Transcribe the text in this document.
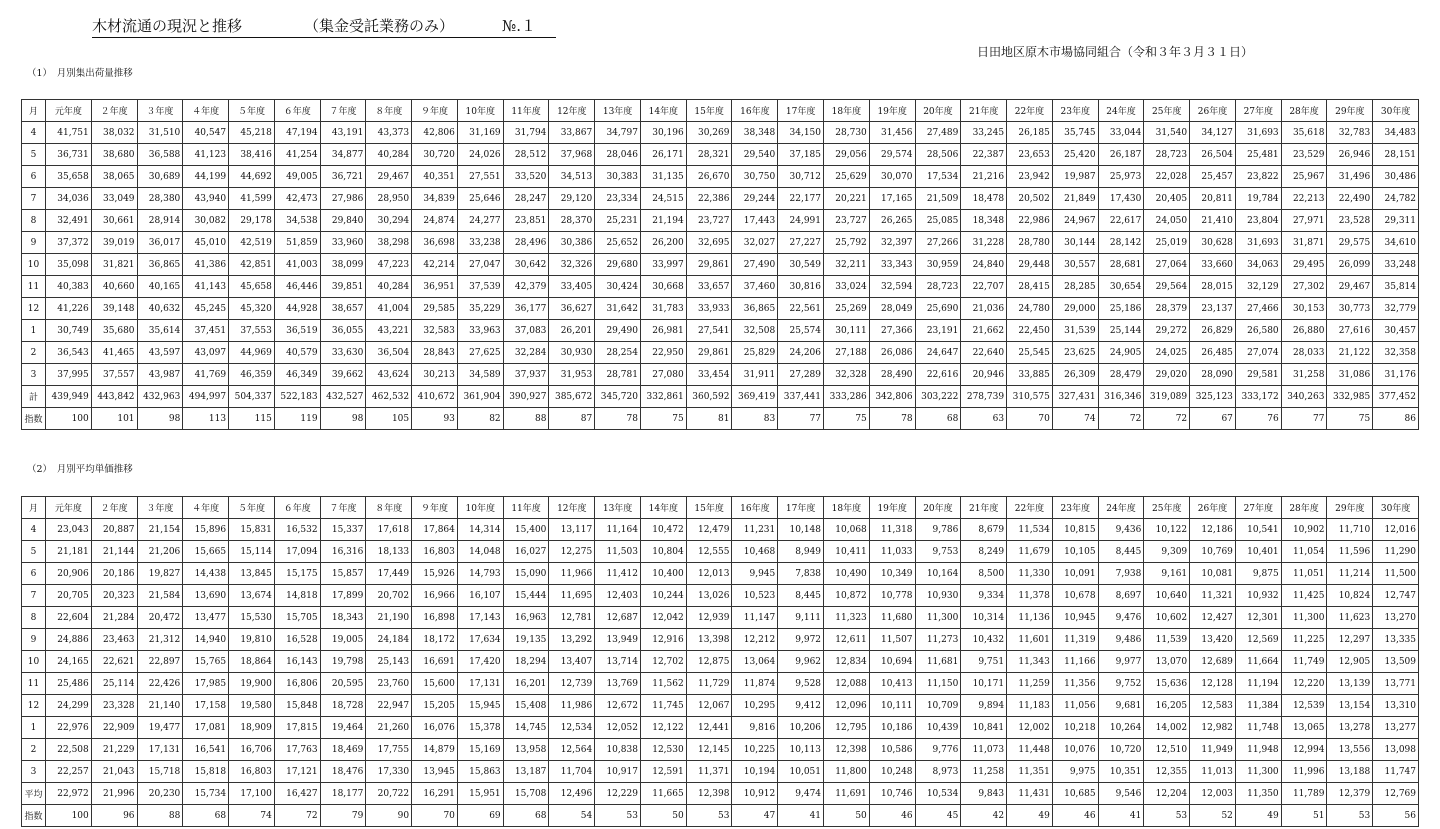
木材流通の現況と推移	（集金受託業務のみ）	№.１
日田地区原木市場協同組合（令和３年３月３１日）
（1）　月別集出荷量推移
月	元年度	２年度	３年度	４年度	５年度	６年度	７年度	８年度	９年度	10年度	11年度	12年度	13年度	14年度	15年度	16年度	17年度	18年度	19年度	20年度	21年度	22年度	23年度	24年度	25年度	26年度	27年度	28年度	29年度	30年度
4	41,751	38,032	31,510	40,547	45,218	47,194	43,191	43,373	42,806	31,169	31,794	33,867	34,797	30,196	30,269	38,348	34,150	28,730	31,456	27,489	33,245	26,185	35,745	33,044	31,540	34,127	31,693	35,618	32,783	34,483
5	36,731	38,680	36,588	41,123	38,416	41,254	34,877	40,284	30,720	24,026	28,512	37,968	28,046	26,171	28,321	29,540	37,185	29,056	29,574	28,506	22,387	23,653	25,420	26,187	28,723	26,504	25,481	23,529	26,946	28,151
6	35,658	38,065	30,689	44,199	44,692	49,005	36,721	29,467	40,351	27,551	33,520	34,513	30,383	31,135	26,670	30,750	30,712	25,629	30,070	17,534	21,216	23,942	19,987	25,973	22,028	25,457	23,822	25,967	31,496	30,486
7	34,036	33,049	28,380	43,940	41,599	42,473	27,986	28,950	34,839	25,646	28,247	29,120	23,334	24,515	22,386	29,244	22,177	20,221	17,165	21,509	18,478	20,502	21,849	17,430	20,405	20,811	19,784	22,213	22,490	24,782
8	32,491	30,661	28,914	30,082	29,178	34,538	29,840	30,294	24,874	24,277	23,851	28,370	25,231	21,194	23,727	17,443	24,991	23,727	26,265	25,085	18,348	22,986	24,967	22,617	24,050	21,410	23,804	27,971	23,528	29,311
9	37,372	39,019	36,017	45,010	42,519	51,859	33,960	38,298	36,698	33,238	28,496	30,386	25,652	26,200	32,695	32,027	27,227	25,792	32,397	27,266	31,228	28,780	30,144	28,142	25,019	30,628	31,693	31,871	29,575	34,610
10	35,098	31,821	36,865	41,386	42,851	41,003	38,099	47,223	42,214	27,047	30,642	32,326	29,680	33,997	29,861	27,490	30,549	32,211	33,343	30,959	24,840	29,448	30,557	28,681	27,064	33,660	34,063	29,495	26,099	33,248
11	40,383	40,660	40,165	41,143	45,658	46,446	39,851	40,284	36,951	37,539	42,379	33,405	30,424	30,668	33,657	37,460	30,816	33,024	32,594	28,723	22,707	28,415	28,285	30,654	29,564	28,015	32,129	27,302	29,467	35,814
12	41,226	39,148	40,632	45,245	45,320	44,928	38,657	41,004	29,585	35,229	36,177	36,627	31,642	31,783	33,933	36,865	22,561	25,269	28,049	25,690	21,036	24,780	29,000	25,186	28,379	23,137	27,466	30,153	30,773	32,779
1	30,749	35,680	35,614	37,451	37,553	36,519	36,055	43,221	32,583	33,963	37,083	26,201	29,490	26,981	27,541	32,508	25,574	30,111	27,366	23,191	21,662	22,450	31,539	25,144	29,272	26,829	26,580	26,880	27,616	30,457
2	36,543	41,465	43,597	43,097	44,969	40,579	33,630	36,504	28,843	27,625	32,284	30,930	28,254	22,950	29,861	25,829	24,206	27,188	26,086	24,647	22,640	25,545	23,625	24,905	24,025	26,485	27,074	28,033	21,122	32,358
3	37,995	37,557	43,987	41,769	46,359	46,349	39,662	43,624	30,213	34,589	37,937	31,953	28,781	27,080	33,454	31,911	27,289	32,328	28,490	22,616	20,946	33,885	26,309	28,479	29,020	28,090	29,581	31,258	31,086	31,176
計	439,949	443,842	432,963	494,997	504,337	522,183	432,527	462,532	410,672	361,904	390,927	385,672	345,720	332,861	360,592	369,419	337,441	333,286	342,806	303,222	278,739	310,575	327,431	316,346	319,089	325,123	333,172	340,263	332,985	377,452
指数	100	101	98	113	115	119	98	105	93	82	88	87	78	75	81	83	77	75	78	68	63	70	74	72	72	67	76	77	75	86
（2）　月別平均単価推移
月	元年度	２年度	３年度	４年度	５年度	６年度	７年度	８年度	９年度	10年度	11年度	12年度	13年度	14年度	15年度	16年度	17年度	18年度	19年度	20年度	21年度	22年度	23年度	24年度	25年度	26年度	27年度	28年度	29年度	30年度
4	23,043	20,887	21,154	15,896	15,831	16,532	15,337	17,618	17,864	14,314	15,400	13,117	11,164	10,472	12,479	11,231	10,148	10,068	11,318	9,786	8,679	11,534	10,815	9,436	10,122	12,186	10,541	10,902	11,710	12,016
5	21,181	21,144	21,206	15,665	15,114	17,094	16,316	18,133	16,803	14,048	16,027	12,275	11,503	10,804	12,555	10,468	8,949	10,411	11,033	9,753	8,249	11,679	10,105	8,445	9,309	10,769	10,401	11,054	11,596	11,290
6	20,906	20,186	19,827	14,438	13,845	15,175	15,857	17,449	15,926	14,793	15,090	11,966	11,412	10,400	12,013	9,945	7,838	10,490	10,349	10,164	8,500	11,330	10,091	7,938	9,161	10,081	9,875	11,051	11,214	11,500
7	20,705	20,323	21,584	13,690	13,674	14,818	17,899	20,702	16,966	16,107	15,444	11,695	12,403	10,244	13,026	10,523	8,445	10,872	10,778	10,930	9,334	11,378	10,678	8,697	10,640	11,321	10,932	11,425	10,824	12,747
8	22,604	21,284	20,472	13,477	15,530	15,705	18,343	21,190	16,898	17,143	16,963	12,781	12,687	12,042	12,939	11,147	9,111	11,323	11,680	11,300	10,314	11,136	10,945	9,476	10,602	12,427	12,301	11,300	11,623	13,270
9	24,886	23,463	21,312	14,940	19,810	16,528	19,005	24,184	18,172	17,634	19,135	13,292	13,949	12,916	13,398	12,212	9,972	12,611	11,507	11,273	10,432	11,601	11,319	9,486	11,539	13,420	12,569	11,225	12,297	13,335
10	24,165	22,621	22,897	15,765	18,864	16,143	19,798	25,143	16,691	17,420	18,294	13,407	13,714	12,702	12,875	13,064	9,962	12,834	10,694	11,681	9,751	11,343	11,166	9,977	13,070	12,689	11,664	11,749	12,905	13,509
11	25,486	25,114	22,426	17,985	19,900	16,806	20,595	23,760	15,600	17,131	16,201	12,739	13,769	11,562	11,729	11,874	9,528	12,088	10,413	11,150	10,171	11,259	11,356	9,752	15,636	12,128	11,194	12,220	13,139	13,771
12	24,299	23,328	21,140	17,158	19,580	15,848	18,728	22,947	15,205	15,945	15,408	11,986	12,672	11,745	12,067	10,295	9,412	12,096	10,111	10,709	9,894	11,183	11,056	9,681	16,205	12,583	11,384	12,539	13,154	13,310
1	22,976	22,909	19,477	17,081	18,909	17,815	19,464	21,260	16,076	15,378	14,745	12,534	12,052	12,122	12,441	9,816	10,206	12,795	10,186	10,439	10,841	12,002	10,218	10,264	14,002	12,982	11,748	13,065	13,278	13,277
2	22,508	21,229	17,131	16,541	16,706	17,763	18,469	17,755	14,879	15,169	13,958	12,564	10,838	12,530	12,145	10,225	10,113	12,398	10,586	9,776	11,073	11,448	10,076	10,720	12,510	11,949	11,948	12,994	13,556	13,098
3	22,257	21,043	15,718	15,818	16,803	17,121	18,476	17,330	13,945	15,863	13,187	11,704	10,917	12,591	11,371	10,194	10,051	11,800	10,248	8,973	11,258	11,351	9,975	10,351	12,355	11,013	11,300	11,996	13,188	11,747
平均	22,972	21,996	20,230	15,734	17,100	16,427	18,177	20,722	16,291	15,951	15,708	12,496	12,229	11,665	12,398	10,912	9,474	11,691	10,746	10,534	9,843	11,431	10,685	9,546	12,204	12,003	11,350	11,789	12,379	12,769
指数	100	96	88	68	74	72	79	90	70	69	68	54	53	50	53	47	41	50	46	45	42	49	46	41	53	52	49	51	53	56
